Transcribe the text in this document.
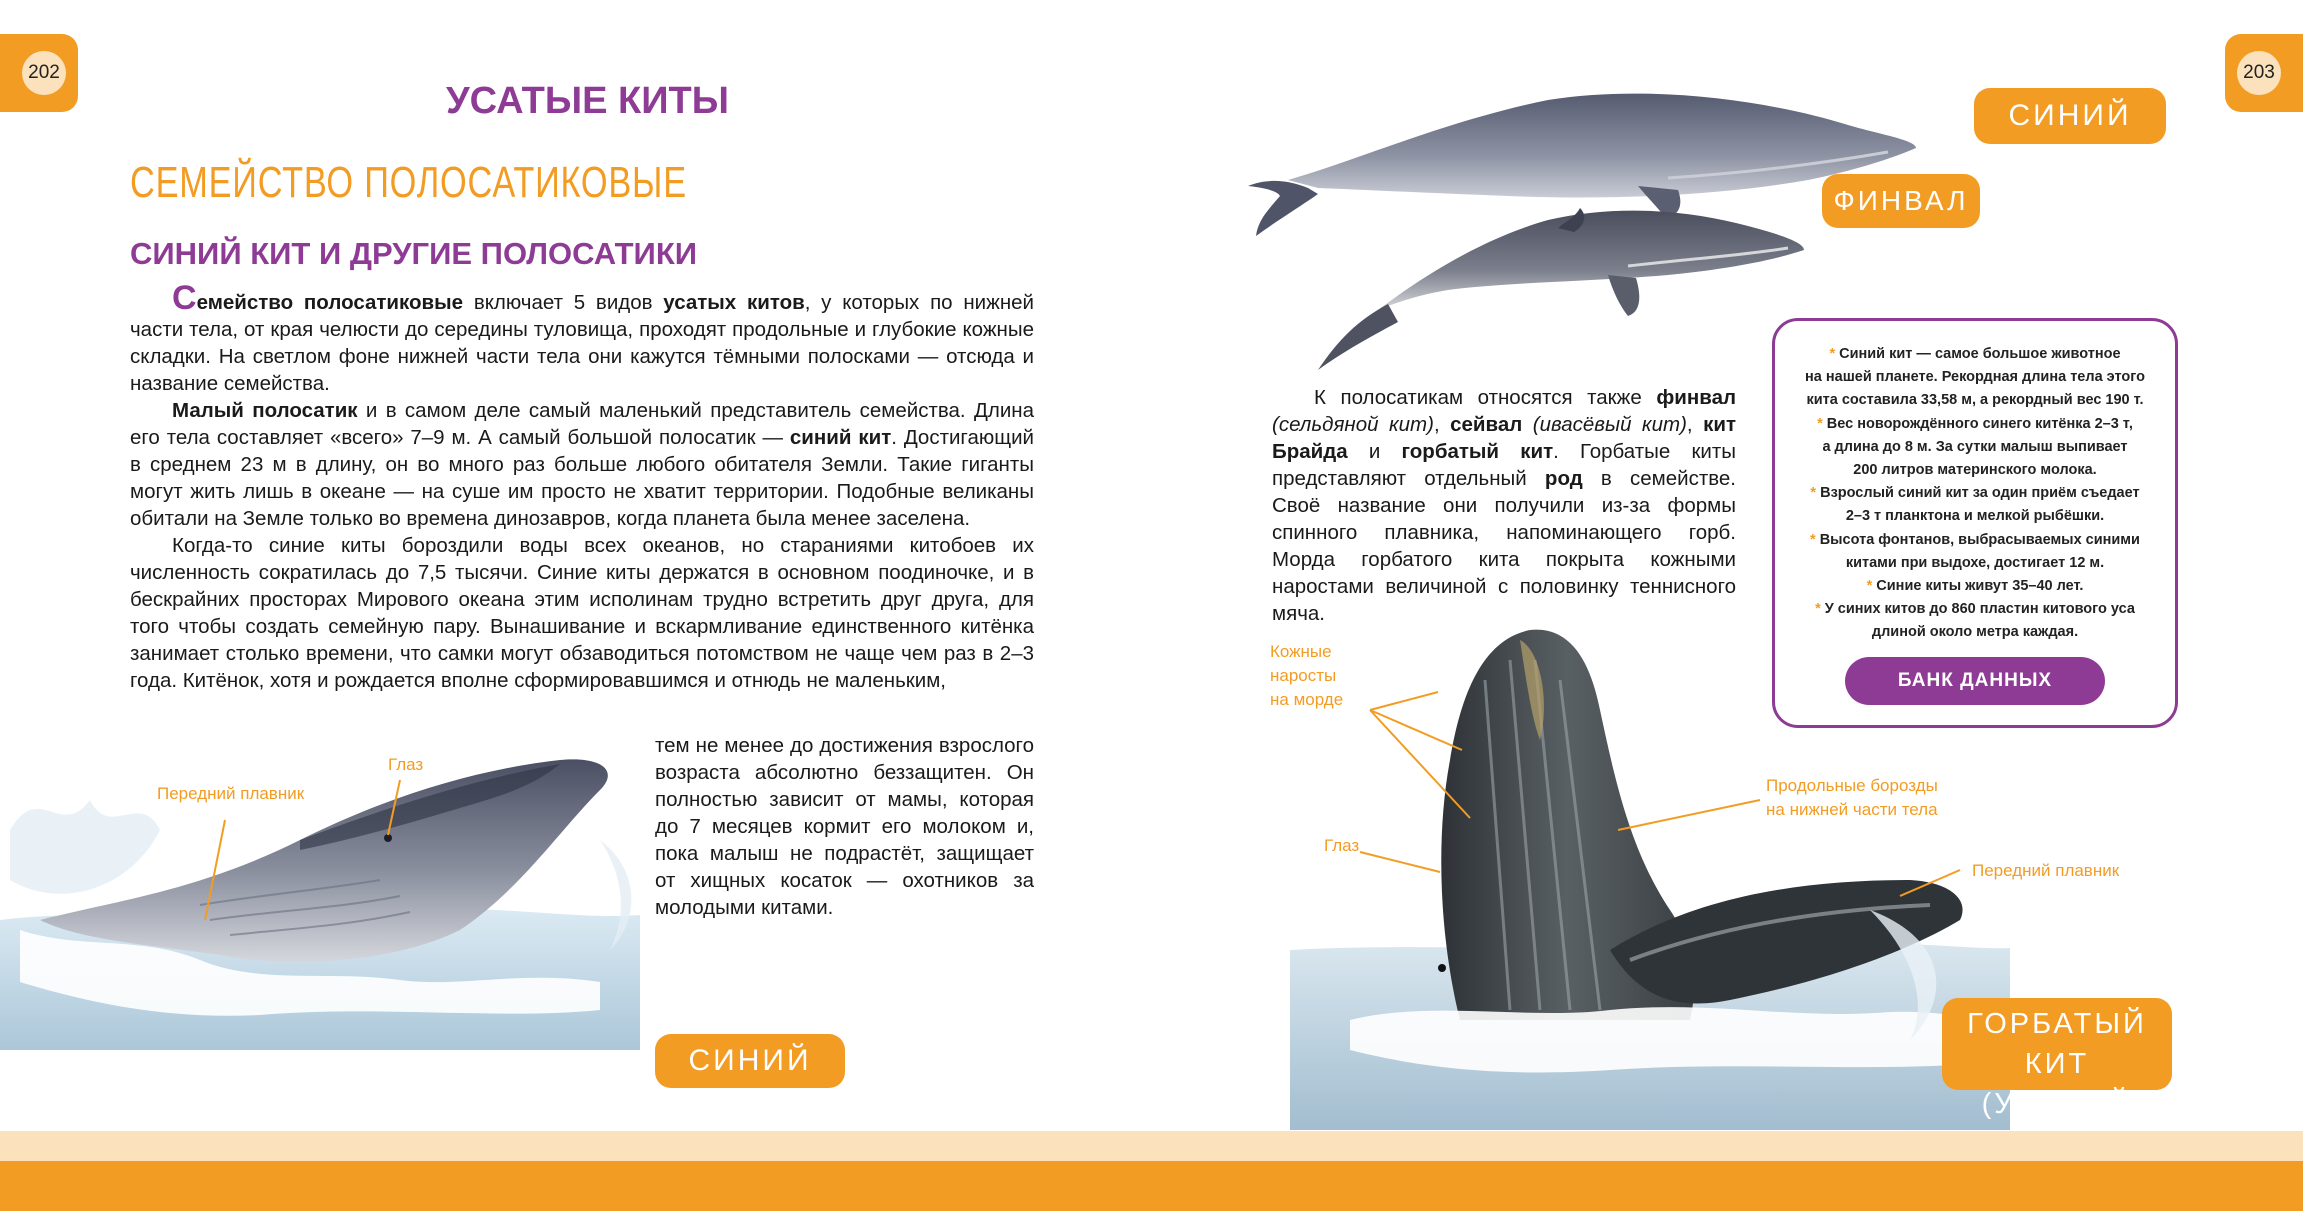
202	203
УСАТЫЕ КИТЫ
СЕМЕЙСТВО ПОЛОСАТИКОВЫЕ
СИНИЙ КИТ И ДРУГИЕ ПОЛОСАТИКИ

Семейство полосатиковые включает 5 видов усатых китов, у которых по нижней части тела, от края челюсти до середины туловища, проходят продольные и глубокие кожные складки. На светлом фоне нижней части тела они кажутся тёмными полосками — отсюда и название семейства.

Малый полосатик и в самом деле самый маленький представитель семейства. Длина его тела составляет «всего» 7–9 м. А самый большой полосатик — синий кит. Достигающий в среднем 23 м в длину, он во много раз больше любого обитателя Земли. Такие гиганты могут жить лишь в океане — на суше им просто не хватит территории. Подобные великаны обитали на Земле только во времена динозавров, когда планета была менее заселена.

Когда-то синие киты бороздили воды всех океанов, но стараниями китобоев их численность сократилась до 7,5 тысячи. Синие киты держатся в основном поодиночке, и в бескрайних просторах Мирового океана этим исполинам трудно встретить друг друга, для того чтобы создать семейную пару. Вынашивание и вскармливание единственного китёнка занимает столько времени, что самки могут обзаводиться потомством не чаще чем раз в 2–3 года. Китёнок, хотя и рождается вполне сформировавшимся и отнюдь не маленьким,

тем не менее до достижения взрослого возраста абсолютно беззащитен. Он полностью зависит от мамы, которая до 7 месяцев кормит его молоком и, пока малыш не подрастёт, защищает от хищных косаток — охотников за молодыми китами.

Передний плавник
Глаз
СИНИЙ КИТ
СИНИЙ КИТ
ФИНВАЛ

К полосатикам относятся также финвал (сельдяной кит), сейвал (ивасёвый кит), кит Брайда и горбатый кит. Горбатые киты представляют отдельный род в семействе. Своё название они получили из-за формы спинного плавника, напоминающего горб. Морда горбатого кита покрыта кожными наростами величиной с половинку теннисного мяча.

* Синий кит — самое большое животное
на нашей планете. Рекордная длина тела этого
кита составила 33,58 м, а рекордный вес 190 т.
* Вес новорождённого синего китёнка 2–3 т,
а длина до 8 м. За сутки малыш выпивает
200 литров материнского молока.
* Взрослый синий кит за один приём съедает
2–3 т планктона и мелкой рыбёшки.
* Высота фонтанов, выбрасываемых синими
китами при выдохе, достигает 12 м.
* Синие киты живут 35–40 лет.
* У синих китов до 860 пластин китового уса
длиной около метра каждая.
БАНК ДАННЫХ
Кожные
наросты
на морде
Продольные борозды
на нижней части тела
Глаз
Передний плавник
ГОРБАТЫЙ КИТ
(УСАТЫЙ
